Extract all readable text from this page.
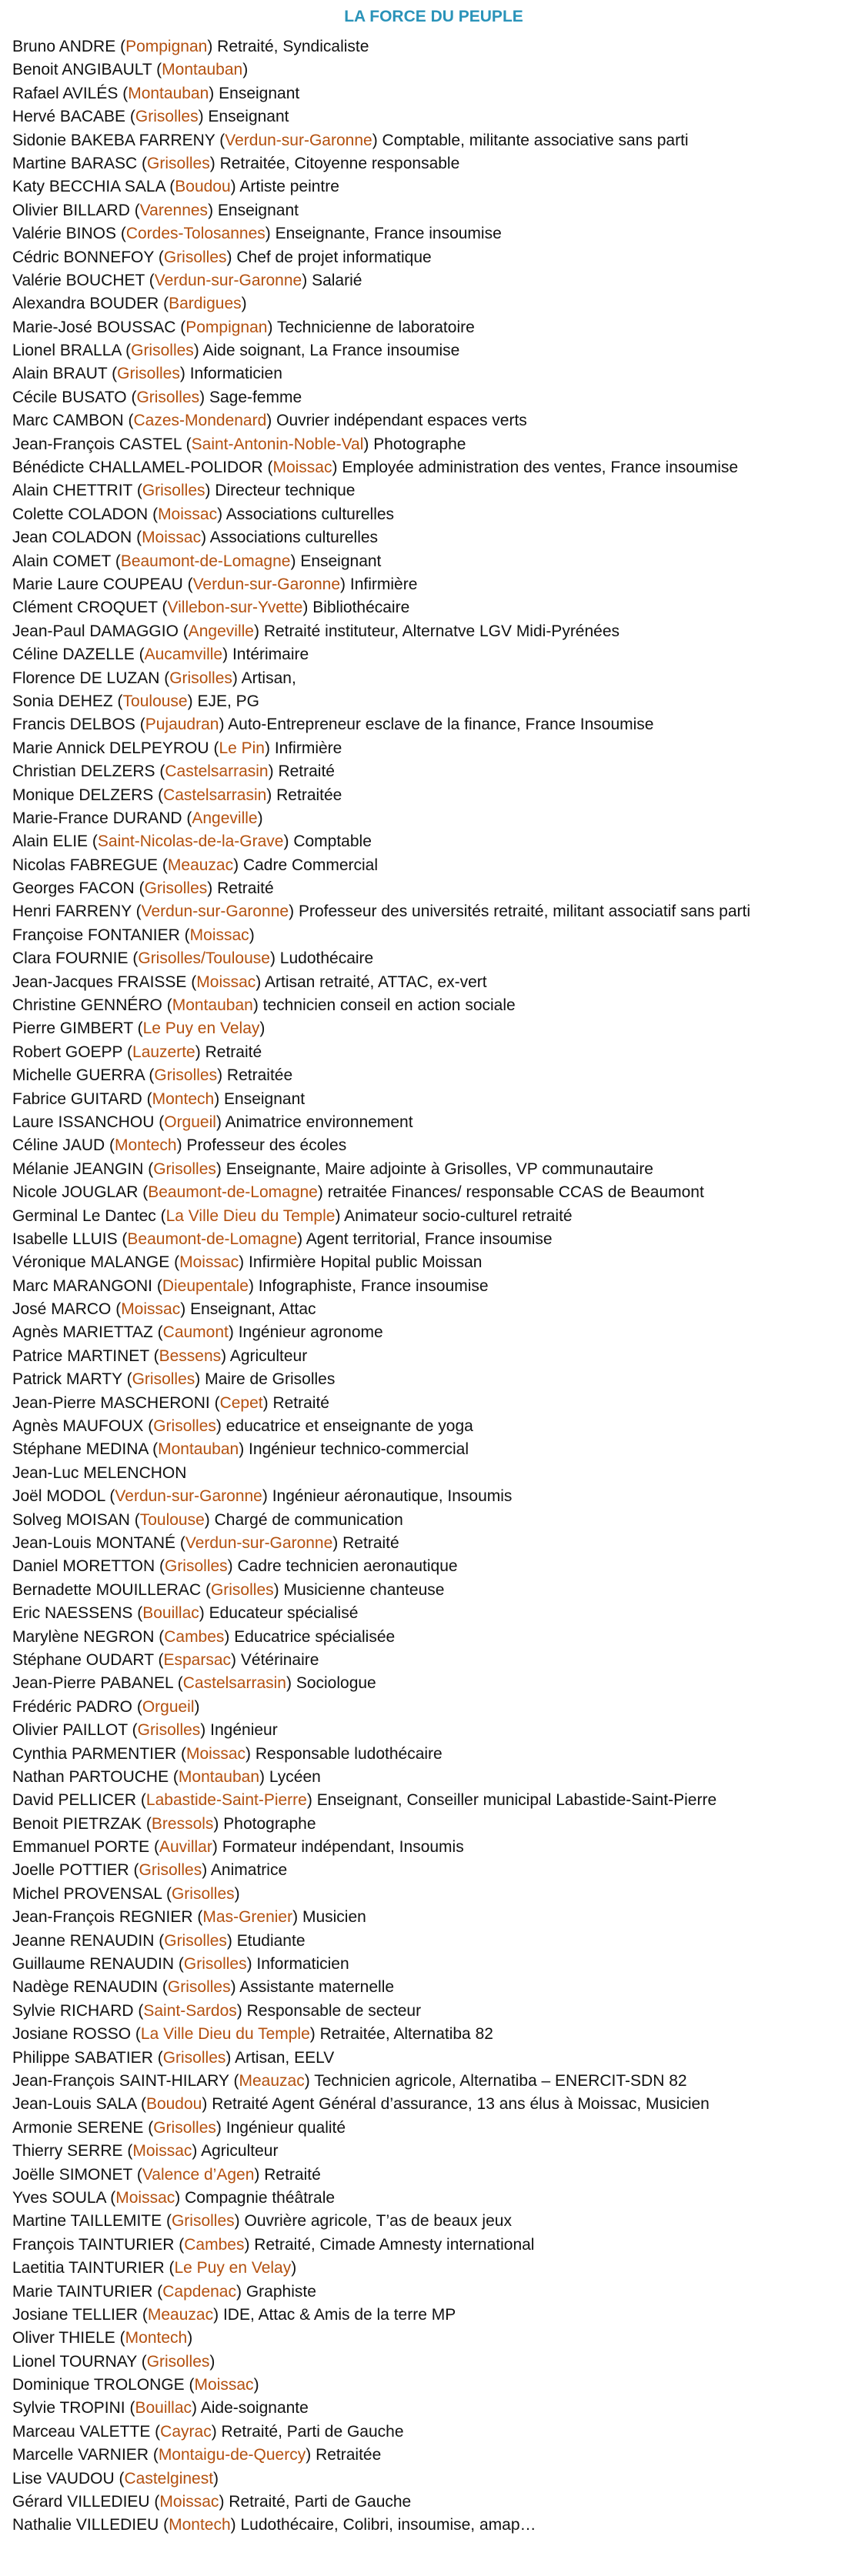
LA FORCE DU PEUPLE
Bruno ANDRE (Pompignan) Retraité, Syndicaliste
Benoit ANGIBAULT (Montauban)
Rafael AVILÉS (Montauban) Enseignant
Hervé BACABE (Grisolles) Enseignant
Sidonie BAKEBA FARRENY (Verdun-sur-Garonne) Comptable, militante associative sans parti
Martine BARASC (Grisolles) Retraitée, Citoyenne responsable
Katy BECCHIA SALA (Boudou) Artiste peintre
Olivier BILLARD (Varennes) Enseignant
Valérie BINOS (Cordes-Tolosannes) Enseignante, France insoumise
Cédric BONNEFOY (Grisolles) Chef de projet informatique
Valérie BOUCHET (Verdun-sur-Garonne) Salarié
Alexandra BOUDER (Bardigues)
Marie-José BOUSSAC (Pompignan) Technicienne de laboratoire
Lionel BRALLA (Grisolles) Aide soignant, La France insoumise
Alain BRAUT (Grisolles) Informaticien
Cécile BUSATO (Grisolles) Sage-femme
Marc CAMBON (Cazes-Mondenard) Ouvrier indépendant espaces verts
Jean-François CASTEL (Saint-Antonin-Noble-Val) Photographe
Bénédicte CHALLAMEL-POLIDOR (Moissac) Employée administration des ventes, France insoumise
Alain CHETTRIT (Grisolles) Directeur technique
Colette COLADON (Moissac) Associations culturelles
Jean COLADON (Moissac) Associations culturelles
Alain COMET (Beaumont-de-Lomagne) Enseignant
Marie Laure COUPEAU (Verdun-sur-Garonne) Infirmière
Clément CROQUET (Villebon-sur-Yvette) Bibliothécaire
Jean-Paul DAMAGGIO (Angeville) Retraité instituteur, Alternatve LGV Midi-Pyrénées
Céline DAZELLE (Aucamville) Intérimaire
Florence DE LUZAN (Grisolles) Artisan,
Sonia DEHEZ (Toulouse) EJE, PG
Francis DELBOS (Pujaudran) Auto-Entrepreneur esclave de la finance, France Insoumise
Marie Annick DELPEYROU (Le Pin) Infirmière
Christian DELZERS (Castelsarrasin) Retraité
Monique DELZERS (Castelsarrasin) Retraitée
Marie-France DURAND (Angeville)
Alain ELIE (Saint-Nicolas-de-la-Grave) Comptable
Nicolas FABREGUE (Meauzac) Cadre Commercial
Georges FACON (Grisolles) Retraité
Henri FARRENY (Verdun-sur-Garonne) Professeur des universités retraité, militant associatif sans parti
Françoise FONTANIER (Moissac)
Clara FOURNIE (Grisolles/Toulouse) Ludothécaire
Jean-Jacques FRAISSE (Moissac) Artisan retraité, ATTAC, ex-vert
Christine GENNÉRO (Montauban) technicien conseil en action sociale
Pierre GIMBERT (Le Puy en Velay)
Robert GOEPP (Lauzerte) Retraité
Michelle GUERRA (Grisolles) Retraitée
Fabrice GUITARD (Montech) Enseignant
Laure ISSANCHOU (Orgueil) Animatrice environnement
Céline JAUD (Montech) Professeur des écoles
Mélanie JEANGIN (Grisolles) Enseignante, Maire adjointe à Grisolles, VP communautaire
Nicole JOUGLAR (Beaumont-de-Lomagne) retraitée Finances/ responsable CCAS de Beaumont
Germinal Le Dantec (La Ville Dieu du Temple) Animateur socio-culturel retraité
Isabelle LLUIS (Beaumont-de-Lomagne) Agent territorial, France insoumise
Véronique MALANGE (Moissac) Infirmière Hopital public Moissan
Marc MARANGONI (Dieupentale) Infographiste, France insoumise
José MARCO (Moissac) Enseignant, Attac
Agnès MARIETTAZ (Caumont) Ingénieur agronome
Patrice MARTINET (Bessens) Agriculteur
Patrick MARTY (Grisolles) Maire de Grisolles
Jean-Pierre MASCHERONI (Cepet) Retraité
Agnès MAUFOUX (Grisolles) educatrice et enseignante de yoga
Stéphane MEDINA (Montauban) Ingénieur technico-commercial
Jean-Luc MELENCHON
Joël MODOL (Verdun-sur-Garonne) Ingénieur aéronautique, Insoumis
Solveg MOISAN (Toulouse) Chargé de communication
Jean-Louis MONTANÉ (Verdun-sur-Garonne) Retraité
Daniel MORETTON (Grisolles) Cadre technicien aeronautique
Bernadette MOUILLERAC (Grisolles) Musicienne chanteuse
Eric NAESSENS (Bouillac) Educateur spécialisé
Marylène NEGRON (Cambes) Educatrice spécialisée
Stéphane OUDART (Esparsac) Vétérinaire
Jean-Pierre PABANEL (Castelsarrasin) Sociologue
Frédéric PADRO (Orgueil)
Olivier PAILLOT (Grisolles) Ingénieur
Cynthia PARMENTIER (Moissac) Responsable ludothécaire
Nathan PARTOUCHE (Montauban) Lycéen
David PELLICER (Labastide-Saint-Pierre) Enseignant, Conseiller municipal Labastide-Saint-Pierre
Benoit PIETRZAK (Bressols) Photographe
Emmanuel PORTE (Auvillar) Formateur indépendant, Insoumis
Joelle POTTIER (Grisolles) Animatrice
Michel PROVENSAL (Grisolles)
Jean-François REGNIER (Mas-Grenier) Musicien
Jeanne RENAUDIN (Grisolles) Etudiante
Guillaume RENAUDIN (Grisolles) Informaticien
Nadège RENAUDIN (Grisolles) Assistante maternelle
Sylvie RICHARD (Saint-Sardos) Responsable de secteur
Josiane ROSSO (La Ville Dieu du Temple) Retraitée, Alternatiba 82
Philippe SABATIER (Grisolles) Artisan, EELV
Jean-François SAINT-HILARY (Meauzac) Technicien agricole, Alternatiba – ENERCIT-SDN 82
Jean-Louis SALA (Boudou) Retraité Agent Général d’assurance, 13 ans élus à Moissac, Musicien
Armonie SERENE (Grisolles) Ingénieur qualité
Thierry SERRE (Moissac) Agriculteur
Joëlle SIMONET (Valence d’Agen) Retraité
Yves SOULA (Moissac) Compagnie théâtrale
Martine TAILLEMITE (Grisolles) Ouvrière agricole, T’as de beaux jeux
François TAINTURIER (Cambes) Retraité, Cimade Amnesty international
Laetitia TAINTURIER (Le Puy en Velay)
Marie TAINTURIER (Capdenac) Graphiste
Josiane TELLIER (Meauzac) IDE, Attac & Amis de la terre MP
Oliver THIELE (Montech)
Lionel TOURNAY (Grisolles)
Dominique TROLONGE (Moissac)
Sylvie TROPINI (Bouillac) Aide-soignante
Marceau VALETTE (Cayrac) Retraité, Parti de Gauche
Marcelle VARNIER (Montaigu-de-Quercy) Retraitée
Lise VAUDOU (Castelginest)
Gérard VILLEDIEU (Moissac) Retraité, Parti de Gauche
Nathalie VILLEDIEU (Montech) Ludothécaire, Colibri, insoumise, amap…
